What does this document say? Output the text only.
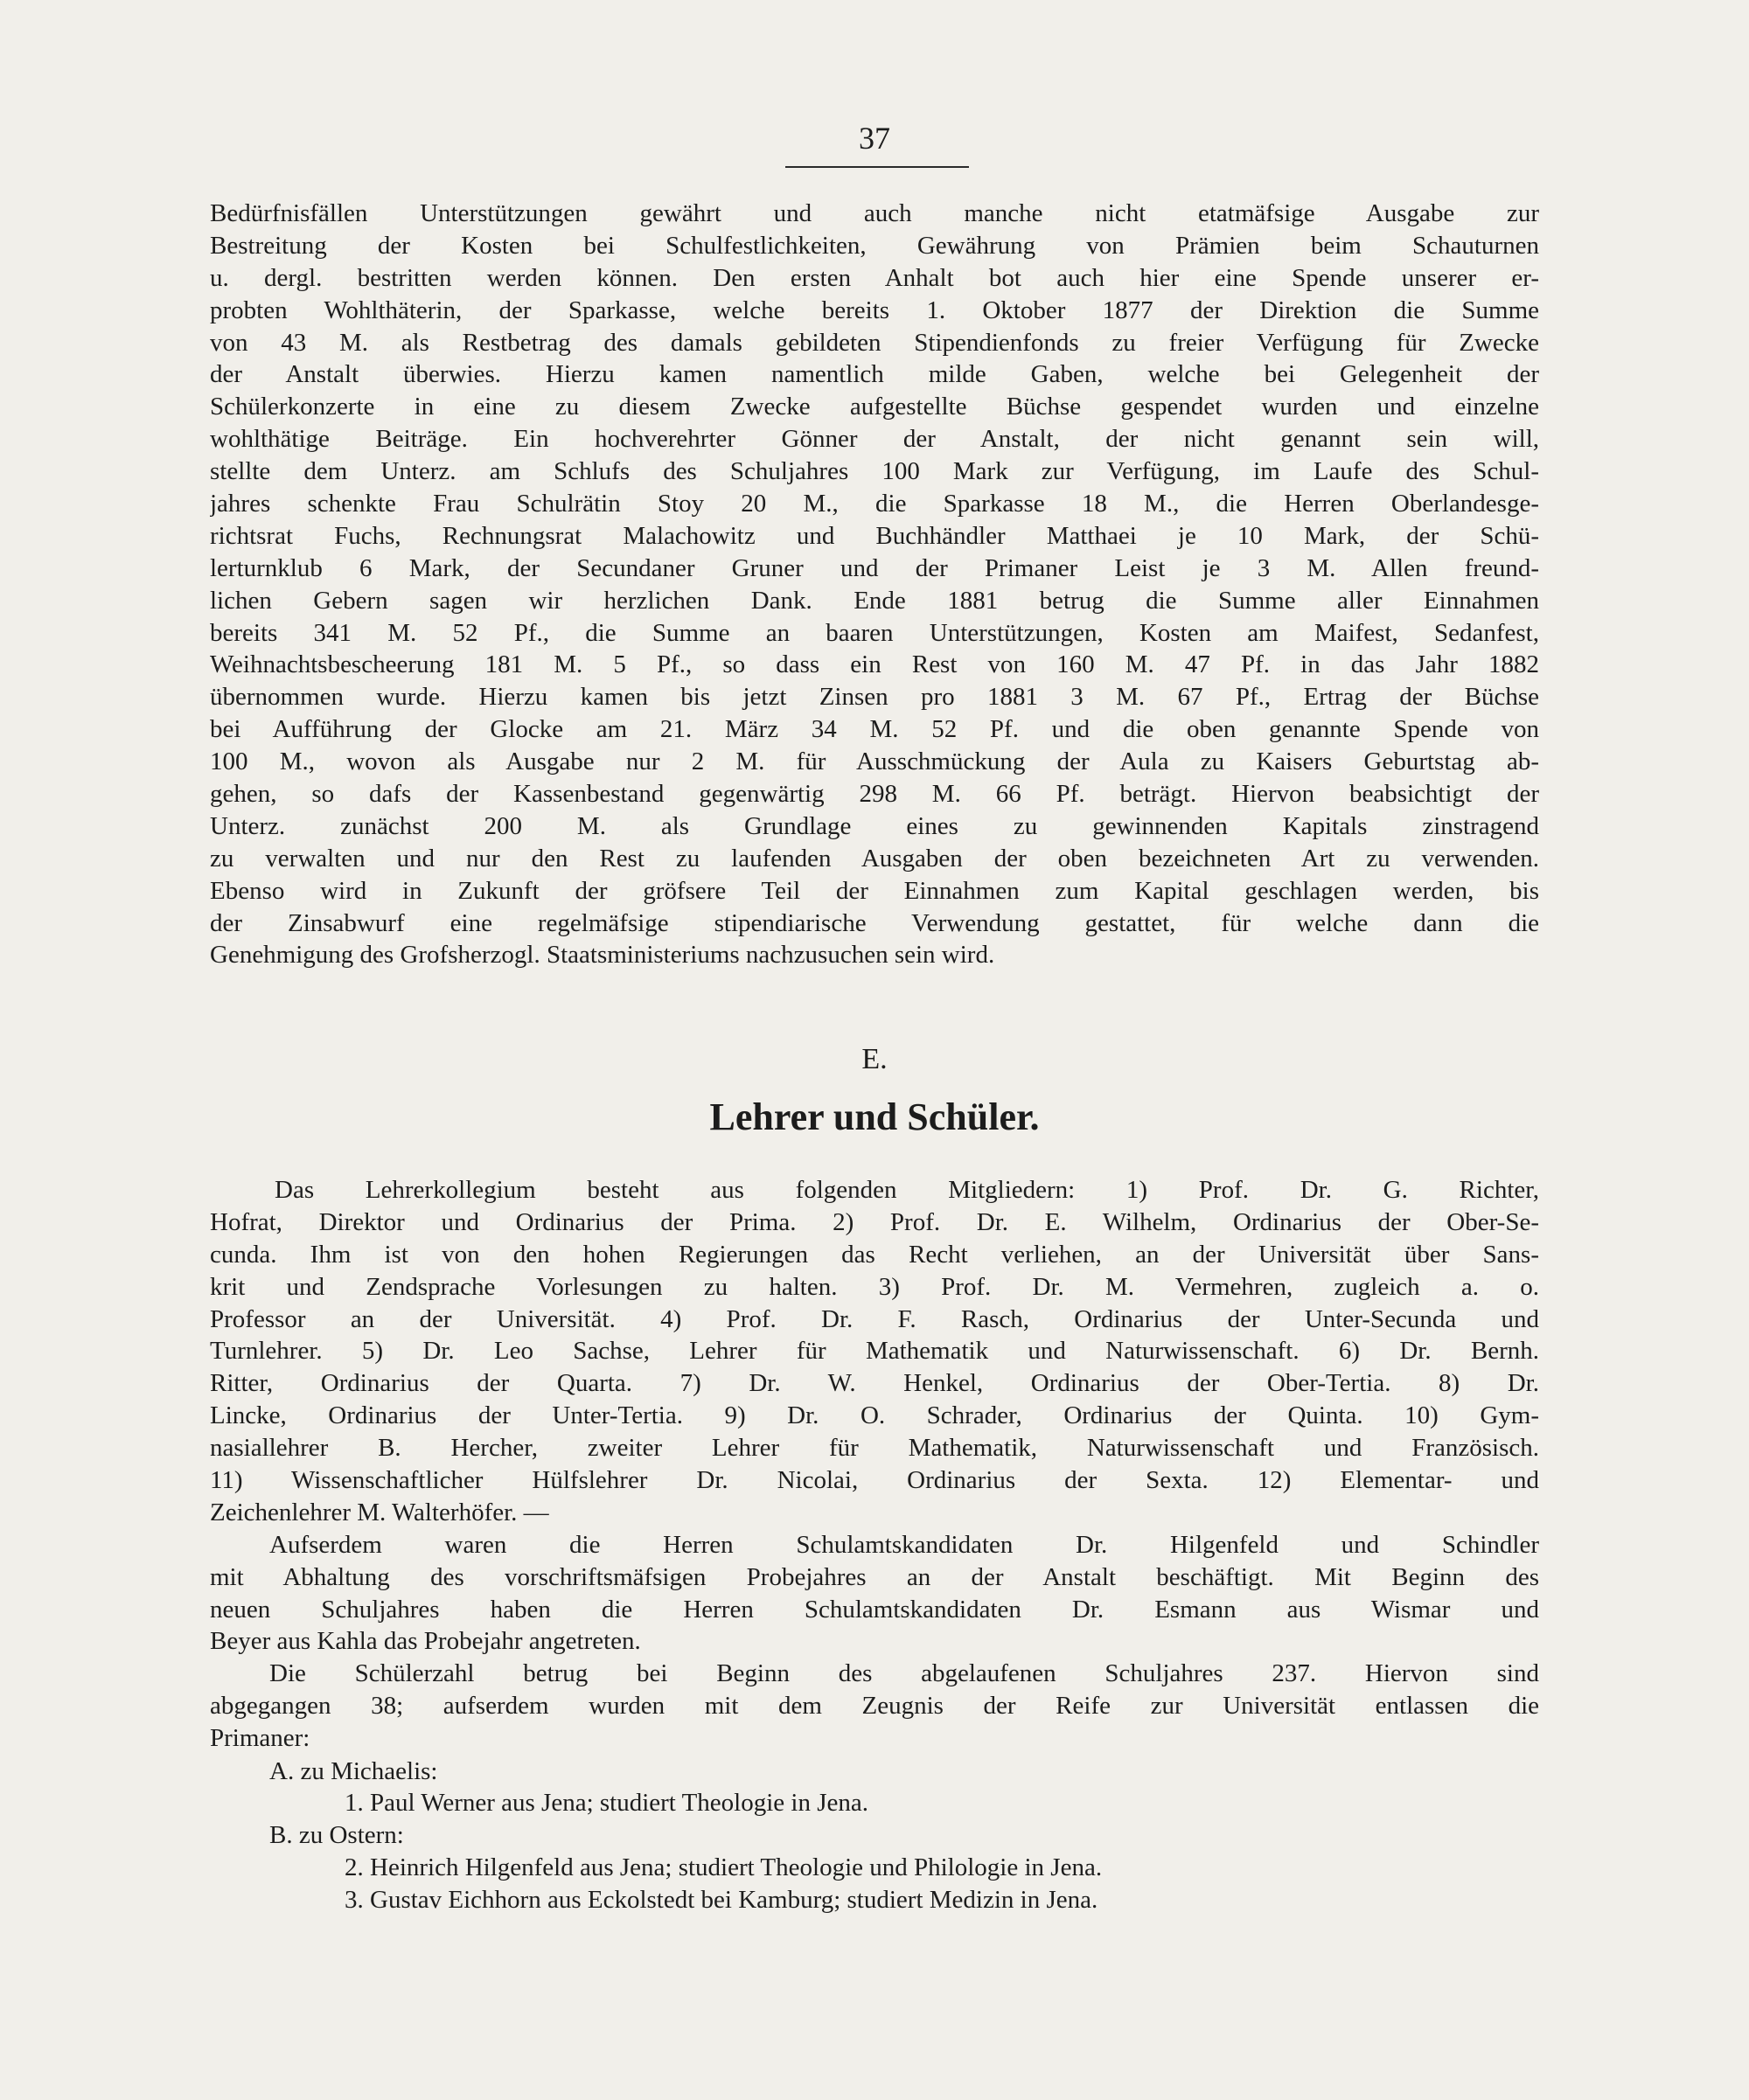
37
Bedürfnisfällen Unterstützungen gewährt und auch manche nicht etatmäfsige Ausgabe zur
Bestreitung der Kosten bei Schulfestlichkeiten, Gewährung von Prämien beim Schauturnen
u. dergl. bestritten werden können. Den ersten Anhalt bot auch hier eine Spende unserer er-
probten Wohlthäterin, der Sparkasse, welche bereits 1. Oktober 1877 der Direktion die Summe
von 43 M. als Restbetrag des damals gebildeten Stipendienfonds zu freier Verfügung für Zwecke
der Anstalt überwies. Hierzu kamen namentlich milde Gaben, welche bei Gelegenheit der
Schülerkonzerte in eine zu diesem Zwecke aufgestellte Büchse gespendet wurden und einzelne
wohlthätige Beiträge. Ein hochverehrter Gönner der Anstalt, der nicht genannt sein will,
stellte dem Unterz. am Schlufs des Schuljahres 100 Mark zur Verfügung, im Laufe des Schul-
jahres schenkte Frau Schulrätin Stoy 20 M., die Sparkasse 18 M., die Herren Oberlandesge-
richtsrat Fuchs, Rechnungsrat Malachowitz und Buchhändler Matthaei je 10 Mark, der Schü-
lerturnklub 6 Mark, der Secundaner Gruner und der Primaner Leist je 3 M. Allen freund-
lichen Gebern sagen wir herzlichen Dank. Ende 1881 betrug die Summe aller Einnahmen
bereits 341 M. 52 Pf., die Summe an baaren Unterstützungen, Kosten am Maifest, Sedanfest,
Weihnachtsbescheerung 181 M. 5 Pf., so dass ein Rest von 160 M. 47 Pf. in das Jahr 1882
übernommen wurde. Hierzu kamen bis jetzt Zinsen pro 1881 3 M. 67 Pf., Ertrag der Büchse
bei Aufführung der Glocke am 21. März 34 M. 52 Pf. und die oben genannte Spende von
100 M., wovon als Ausgabe nur 2 M. für Ausschmückung der Aula zu Kaisers Geburtstag ab-
gehen, so dafs der Kassenbestand gegenwärtig 298 M. 66 Pf. beträgt. Hiervon beabsichtigt der
Unterz. zunächst 200 M. als Grundlage eines zu gewinnenden Kapitals zinstragend
zu verwalten und nur den Rest zu laufenden Ausgaben der oben bezeichneten Art zu verwenden.
Ebenso wird in Zukunft der gröfsere Teil der Einnahmen zum Kapital geschlagen werden, bis
der Zinsabwurf eine regelmäfsige stipendiarische Verwendung gestattet, für welche dann die
Genehmigung des Grofsherzogl. Staatsministeriums nachzusuchen sein wird.
E.
Lehrer und Schüler.
Das Lehrerkollegium besteht aus folgenden Mitgliedern: 1) Prof. Dr. G. Richter,
Hofrat, Direktor und Ordinarius der Prima. 2) Prof. Dr. E. Wilhelm, Ordinarius der Ober-Se-
cunda. Ihm ist von den hohen Regierungen das Recht verliehen, an der Universität über Sans-
krit und Zendsprache Vorlesungen zu halten. 3) Prof. Dr. M. Vermehren, zugleich a. o.
Professor an der Universität. 4) Prof. Dr. F. Rasch, Ordinarius der Unter-Secunda und
Turnlehrer. 5) Dr. Leo Sachse, Lehrer für Mathematik und Naturwissenschaft. 6) Dr. Bernh.
Ritter, Ordinarius der Quarta. 7) Dr. W. Henkel, Ordinarius der Ober-Tertia. 8) Dr.
Lincke, Ordinarius der Unter-Tertia. 9) Dr. O. Schrader, Ordinarius der Quinta. 10) Gym-
nasiallehrer B. Hercher, zweiter Lehrer für Mathematik, Naturwissenschaft und Französisch.
11) Wissenschaftlicher Hülfslehrer Dr. Nicolai, Ordinarius der Sexta. 12) Elementar- und
Zeichenlehrer M. Walterhöfer. —
Aufserdem waren die Herren Schulamtskandidaten Dr. Hilgenfeld und Schindler
mit Abhaltung des vorschriftsmäfsigen Probejahres an der Anstalt beschäftigt. Mit Beginn des
neuen Schuljahres haben die Herren Schulamtskandidaten Dr. Esmann aus Wismar und
Beyer aus Kahla das Probejahr angetreten.
Die Schülerzahl betrug bei Beginn des abgelaufenen Schuljahres 237. Hiervon sind
abgegangen 38; aufserdem wurden mit dem Zeugnis der Reife zur Universität entlassen die
Primaner:
A. zu Michaelis:
1. Paul Werner aus Jena; studiert Theologie in Jena.
B. zu Ostern:
2. Heinrich Hilgenfeld aus Jena; studiert Theologie und Philologie in Jena.
3. Gustav Eichhorn aus Eckolstedt bei Kamburg; studiert Medizin in Jena.
